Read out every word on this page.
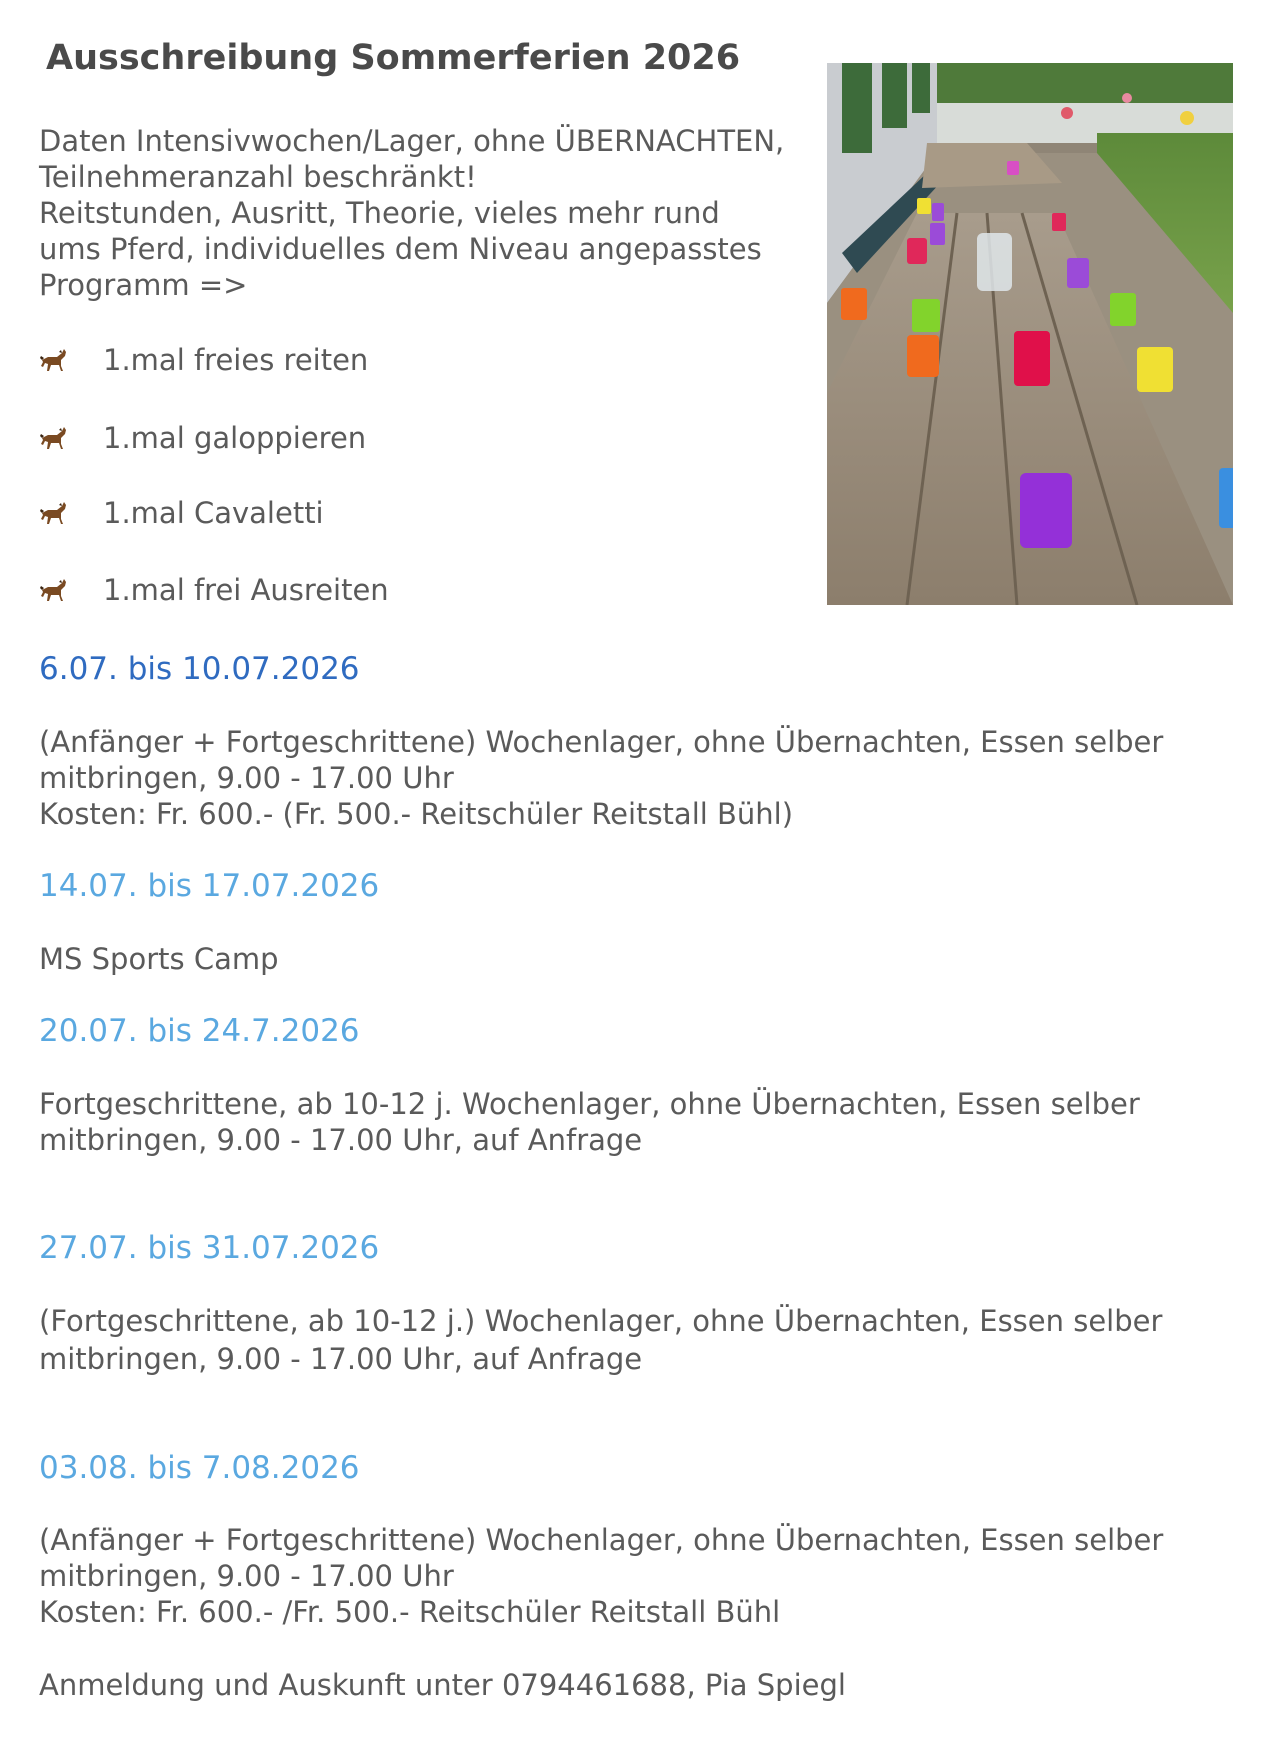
Ausschreibung Sommerferien 2026
Daten Intensivwochen/Lager, ohne ÜBERNACHTEN,
Teilnehmeranzahl beschränkt!
Reitstunden, Ausritt, Theorie, vieles mehr rund
ums Pferd, individuelles dem Niveau angepasstes
Programm =>
1.mal freies reiten
1.mal galoppieren
1.mal Cavaletti
1.mal frei Ausreiten
6.07. bis 10.07.2026
(Anfänger + Fortgeschrittene) Wochenlager, ohne Übernachten, Essen selber
mitbringen, 9.00 - 17.00 Uhr
Kosten: Fr. 600.- (Fr. 500.- Reitschüler Reitstall Bühl)
14.07. bis 17.07.2026
MS Sports Camp
20.07. bis 24.7.2026
Fortgeschrittene, ab 10-12 j. Wochenlager, ohne Übernachten, Essen selber
mitbringen, 9.00 - 17.00 Uhr, auf Anfrage
27.07. bis 31.07.2026
(Fortgeschrittene, ab 10-12 j.) Wochenlager, ohne Übernachten, Essen selber
mitbringen, 9.00 - 17.00 Uhr, auf Anfrage
03.08. bis 7.08.2026
(Anfänger + Fortgeschrittene) Wochenlager, ohne Übernachten, Essen selber
mitbringen, 9.00 - 17.00 Uhr
Kosten: Fr. 600.- /Fr. 500.- Reitschüler Reitstall Bühl
Anmeldung und Auskunft unter 0794461688, Pia Spiegl
